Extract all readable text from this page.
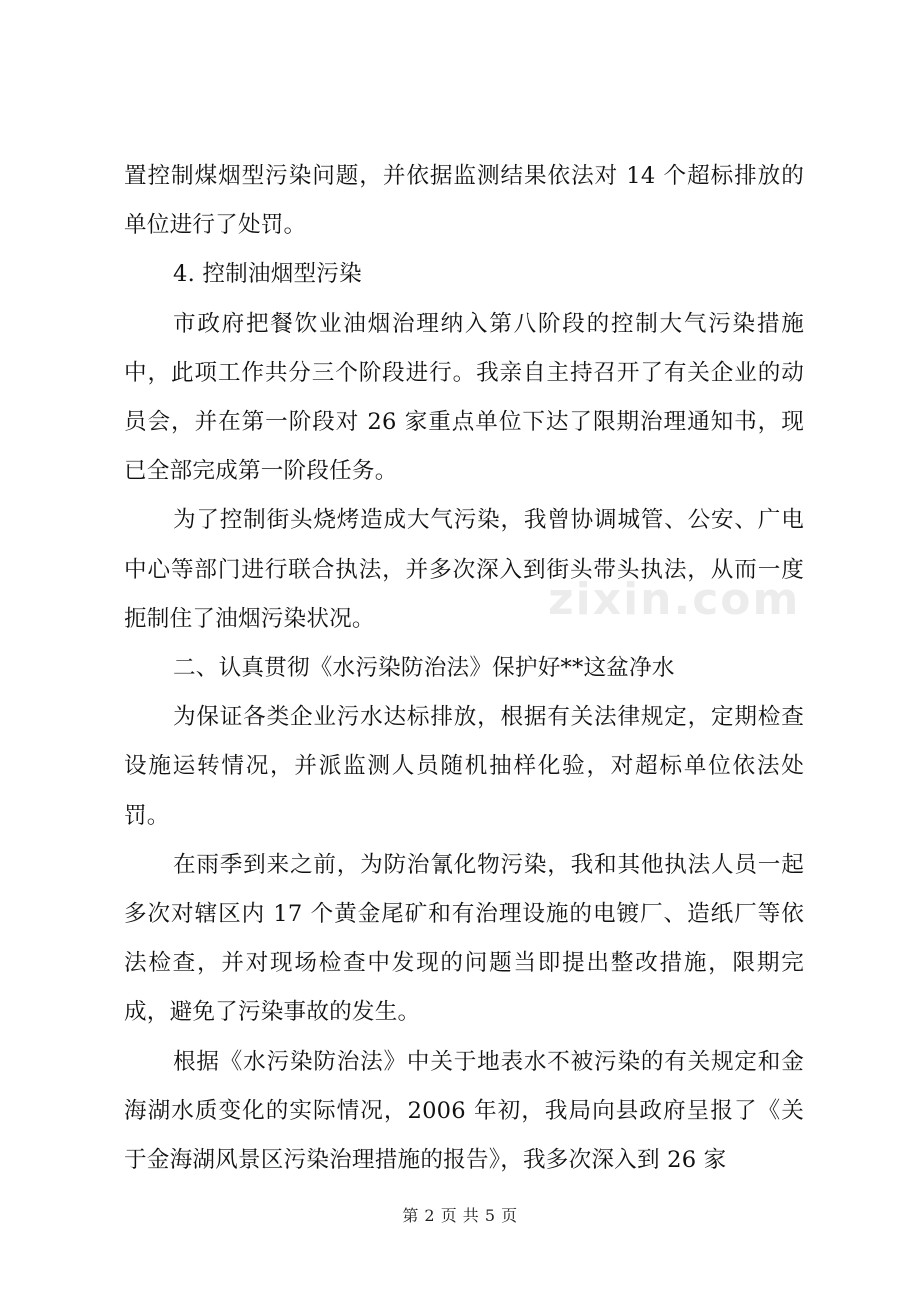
置控制煤烟型污染问题，并依据监测结果依法对 14 个超标排放的单位进行了处罚。

4. 控制油烟型污染

市政府把餐饮业油烟治理纳入第八阶段的控制大气污染措施中，此项工作共分三个阶段进行。我亲自主持召开了有关企业的动员会，并在第一阶段对 26 家重点单位下达了限期治理通知书，现已全部完成第一阶段任务。

为了控制街头烧烤造成大气污染，我曾协调城管、公安、广电中心等部门进行联合执法，并多次深入到街头带头执法，从而一度扼制住了油烟污染状况。

二、认真贯彻《水污染防治法》保护好**这盆净水

为保证各类企业污水达标排放，根据有关法律规定，定期检查设施运转情况，并派监测人员随机抽样化验，对超标单位依法处罚。

在雨季到来之前，为防治氰化物污染，我和其他执法人员一起多次对辖区内 17 个黄金尾矿和有治理设施的电镀厂、造纸厂等依法检查，并对现场检查中发现的问题当即提出整改措施，限期完成，避免了污染事故的发生。

根据《水污染防治法》中关于地表水不被污染的有关规定和金海湖水质变化的实际情况，2006 年初，我局向县政府呈报了《关于金海湖风景区污染治理措施的报告》，我多次深入到 26 家

zixin.com
第 2 页 共 5 页
